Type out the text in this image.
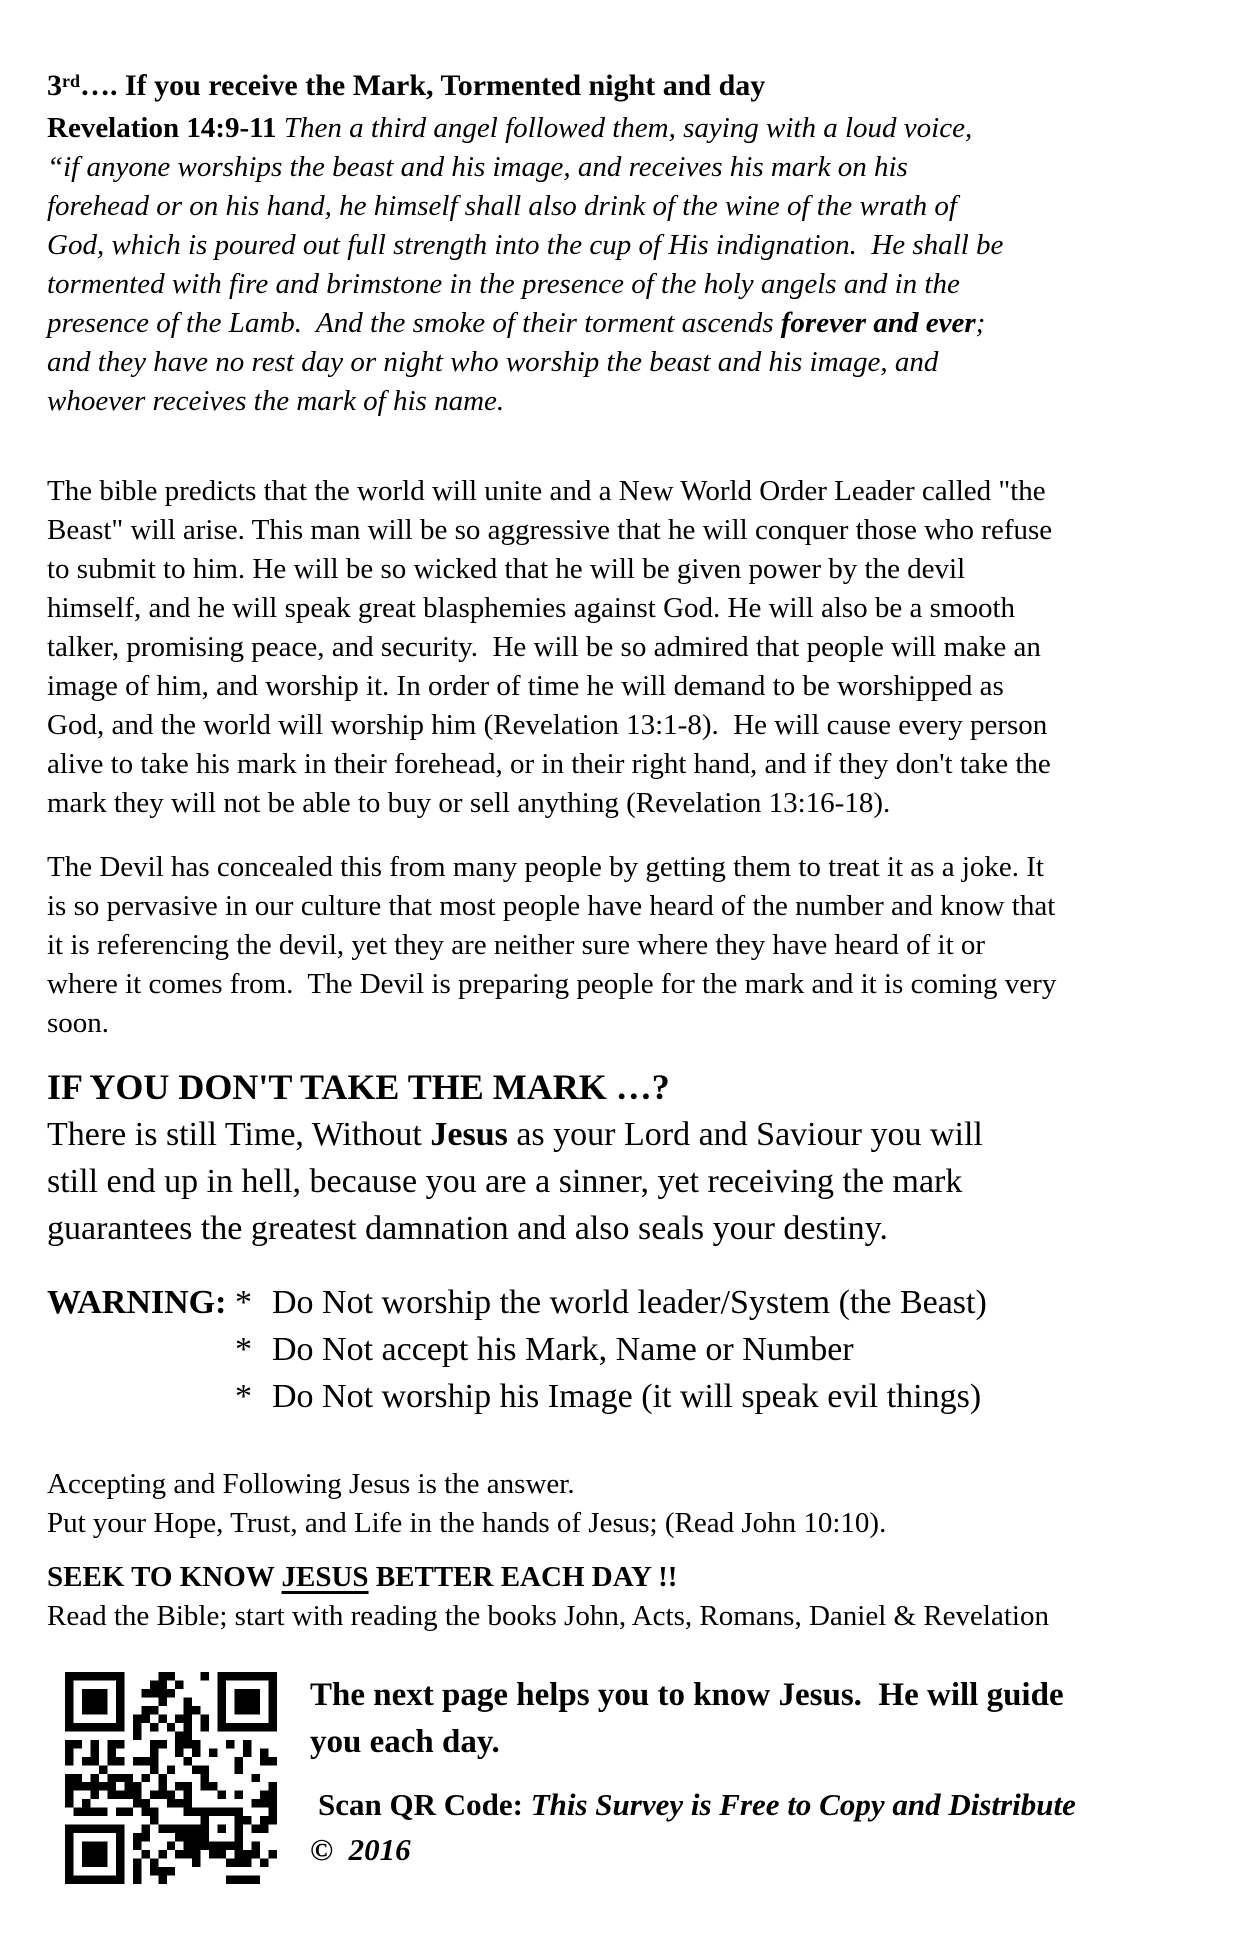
3rd…. If you receive the Mark, Tormented night and day

Revelation 14:9-11 Then a third angel followed them, saying with a loud voice,
“if anyone worships the beast and his image, and receives his mark on his
forehead or on his hand, he himself shall also drink of the wine of the wrath of
God, which is poured out full strength into the cup of His indignation.  He shall be
tormented with fire and brimstone in the presence of the holy angels and in the
presence of the Lamb.  And the smoke of their torment ascends forever and ever;
and they have no rest day or night who worship the beast and his image, and
whoever receives the mark of his name.

The bible predicts that the world will unite and a New World Order Leader called "the
Beast" will arise. This man will be so aggressive that he will conquer those who refuse
to submit to him. He will be so wicked that he will be given power by the devil
himself, and he will speak great blasphemies against God. He will also be a smooth
talker, promising peace, and security.  He will be so admired that people will make an
image of him, and worship it. In order of time he will demand to be worshipped as
God, and the world will worship him (Revelation 13:1-8).  He will cause every person
alive to take his mark in their forehead, or in their right hand, and if they don't take the
mark they will not be able to buy or sell anything (Revelation 13:16-18).

The Devil has concealed this from many people by getting them to treat it as a joke. It
is so pervasive in our culture that most people have heard of the number and know that
it is referencing the devil, yet they are neither sure where they have heard of it or
where it comes from.  The Devil is preparing people for the mark and it is coming very
soon.

IF YOU DON'T TAKE THE MARK …?

There is still Time, Without Jesus as your Lord and Saviour you will
still end up in hell, because you are a sinner, yet receiving the mark
guarantees the greatest damnation and also seals your destiny.

WARNING: * Do Not worship the world leader/System (the Beast)
* Do Not accept his Mark, Name or Number
* Do Not worship his Image (it will speak evil things)

Accepting and Following Jesus is the answer.
Put your Hope, Trust, and Life in the hands of Jesus; (Read John 10:10).

SEEK TO KNOW JESUS BETTER EACH DAY !!

Read the Bible; start with reading the books John, Acts, Romans, Daniel & Revelation

The next page helps you to know Jesus.  He will guide
you each day.

Scan QR Code: This Survey is Free to Copy and Distribute

©  2016
